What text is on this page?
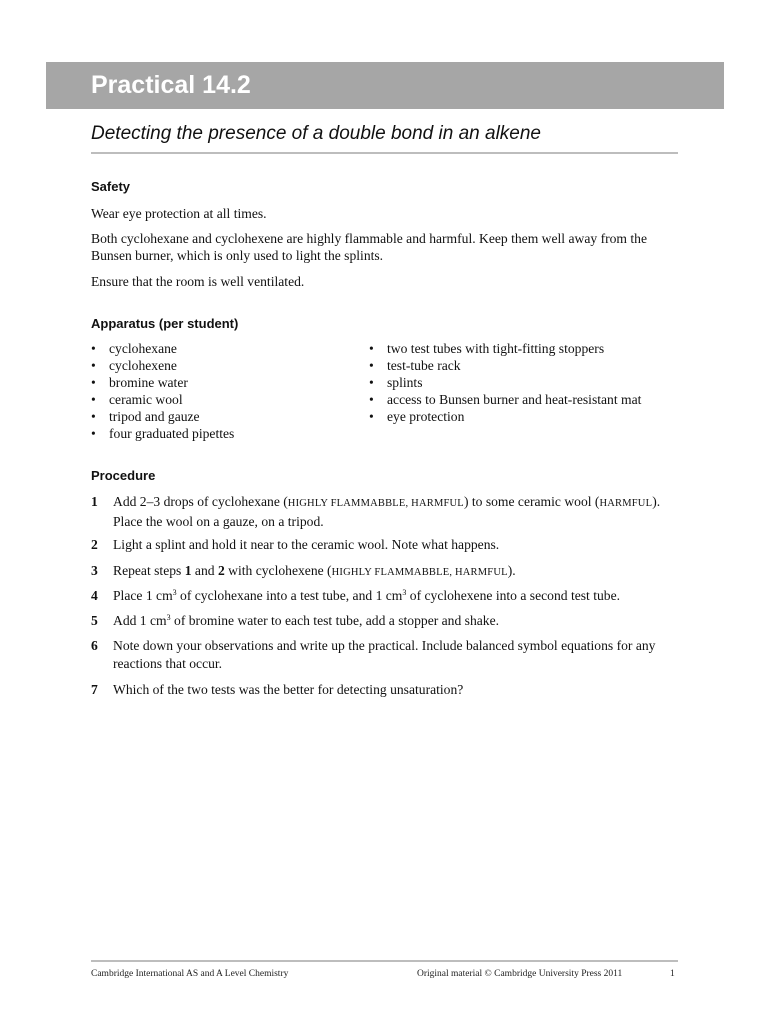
Practical 14.2
Detecting the presence of a double bond in an alkene
Safety
Wear eye protection at all times.
Both cyclohexane and cyclohexene are highly flammable and harmful. Keep them well away from the Bunsen burner, which is only used to light the splints.
Ensure that the room is well ventilated.
Apparatus (per student)
• cyclohexane
• cyclohexene
• bromine water
• ceramic wool
• tripod and gauze
• four graduated pipettes
• two test tubes with tight-fitting stoppers
• test-tube rack
• splints
• access to Bunsen burner and heat-resistant mat
• eye protection
Procedure
1 Add 2–3 drops of cyclohexane (HIGHLY FLAMMABBLE, HARMFUL) to some ceramic wool (HARMFUL). Place the wool on a gauze, on a tripod.
2 Light a splint and hold it near to the ceramic wool. Note what happens.
3 Repeat steps 1 and 2 with cyclohexene (HIGHLY FLAMMABBLE, HARMFUL).
4 Place 1 $cm^3$ of cyclohexane into a test tube, and 1 $cm^3$ of cyclohexene into a second test tube.
5 Add 1 $cm^3$ of bromine water to each test tube, add a stopper and shake.
6 Note down your observations and write up the practical. Include balanced symbol equations for any reactions that occur.
7 Which of the two tests was the better for detecting unsaturation?
Cambridge International AS and A Level Chemistry	Original material © Cambridge University Press 2011	1
